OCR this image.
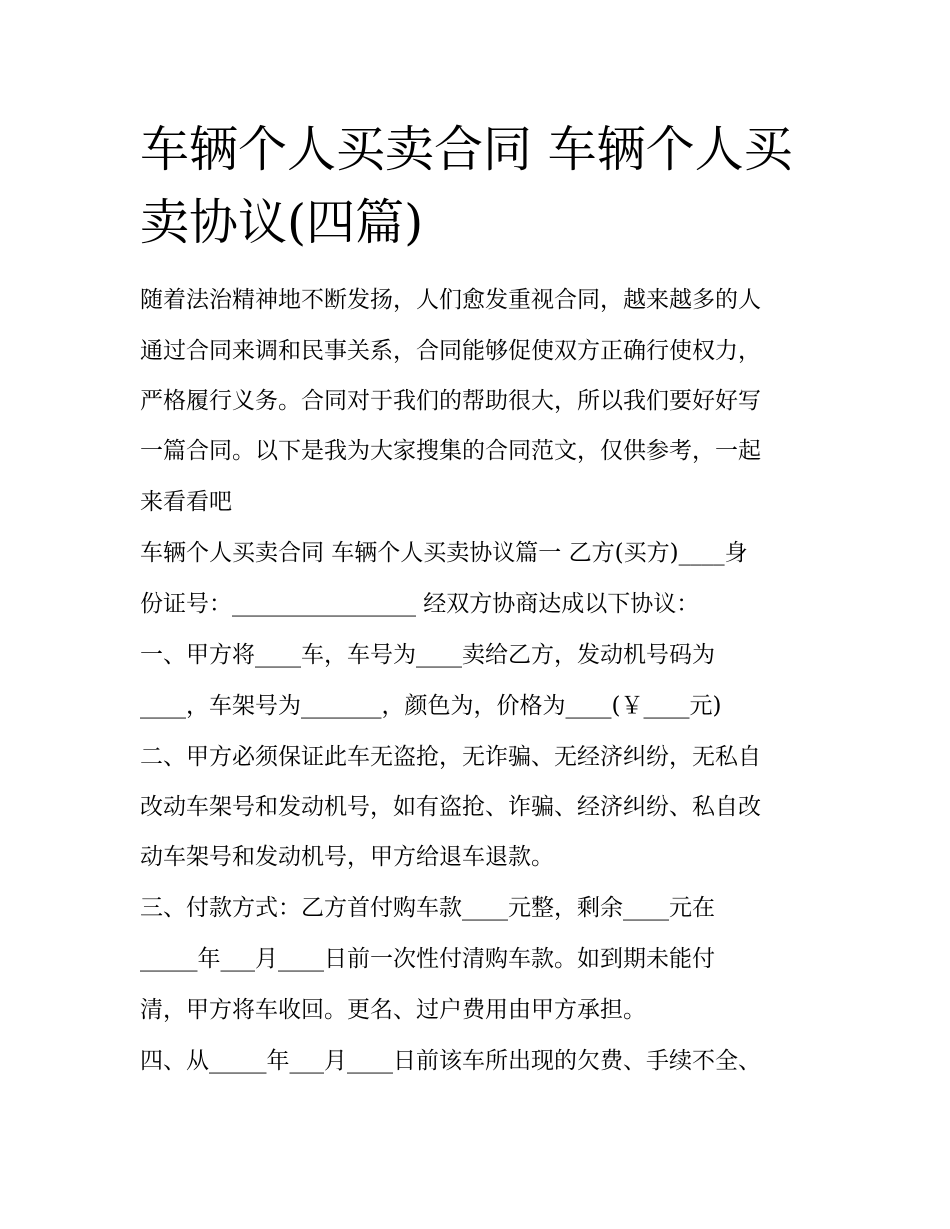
车辆个人买卖合同 车辆个人买卖协议(四篇)

随着法治精神地不断发扬，人们愈发重视合同，越来越多的人

通过合同来调和民事关系，合同能够促使双方正确行使权力，

严格履行义务。合同对于我们的帮助很大，所以我们要好好写

一篇合同。以下是我为大家搜集的合同范文，仅供参考，一起

来看看吧

车辆个人买卖合同 车辆个人买卖协议篇一 乙方(买方)____身

份证号：________________ 经双方协商达成以下协议：

一、甲方将____车，车号为____卖给乙方，发动机号码为

____，车架号为_______，颜色为，价格为____(￥____元)

二、甲方必须保证此车无盗抢，无诈骗、无经济纠纷，无私自

改动车架号和发动机号，如有盗抢、诈骗、经济纠纷、私自改

动车架号和发动机号，甲方给退车退款。

三、付款方式：乙方首付购车款____元整，剩余____元在

_____年___月____日前一次性付清购车款。如到期未能付

清，甲方将车收回。更名、过户费用由甲方承担。

四、从_____年___月____日前该车所出现的欠费、手续不全、
